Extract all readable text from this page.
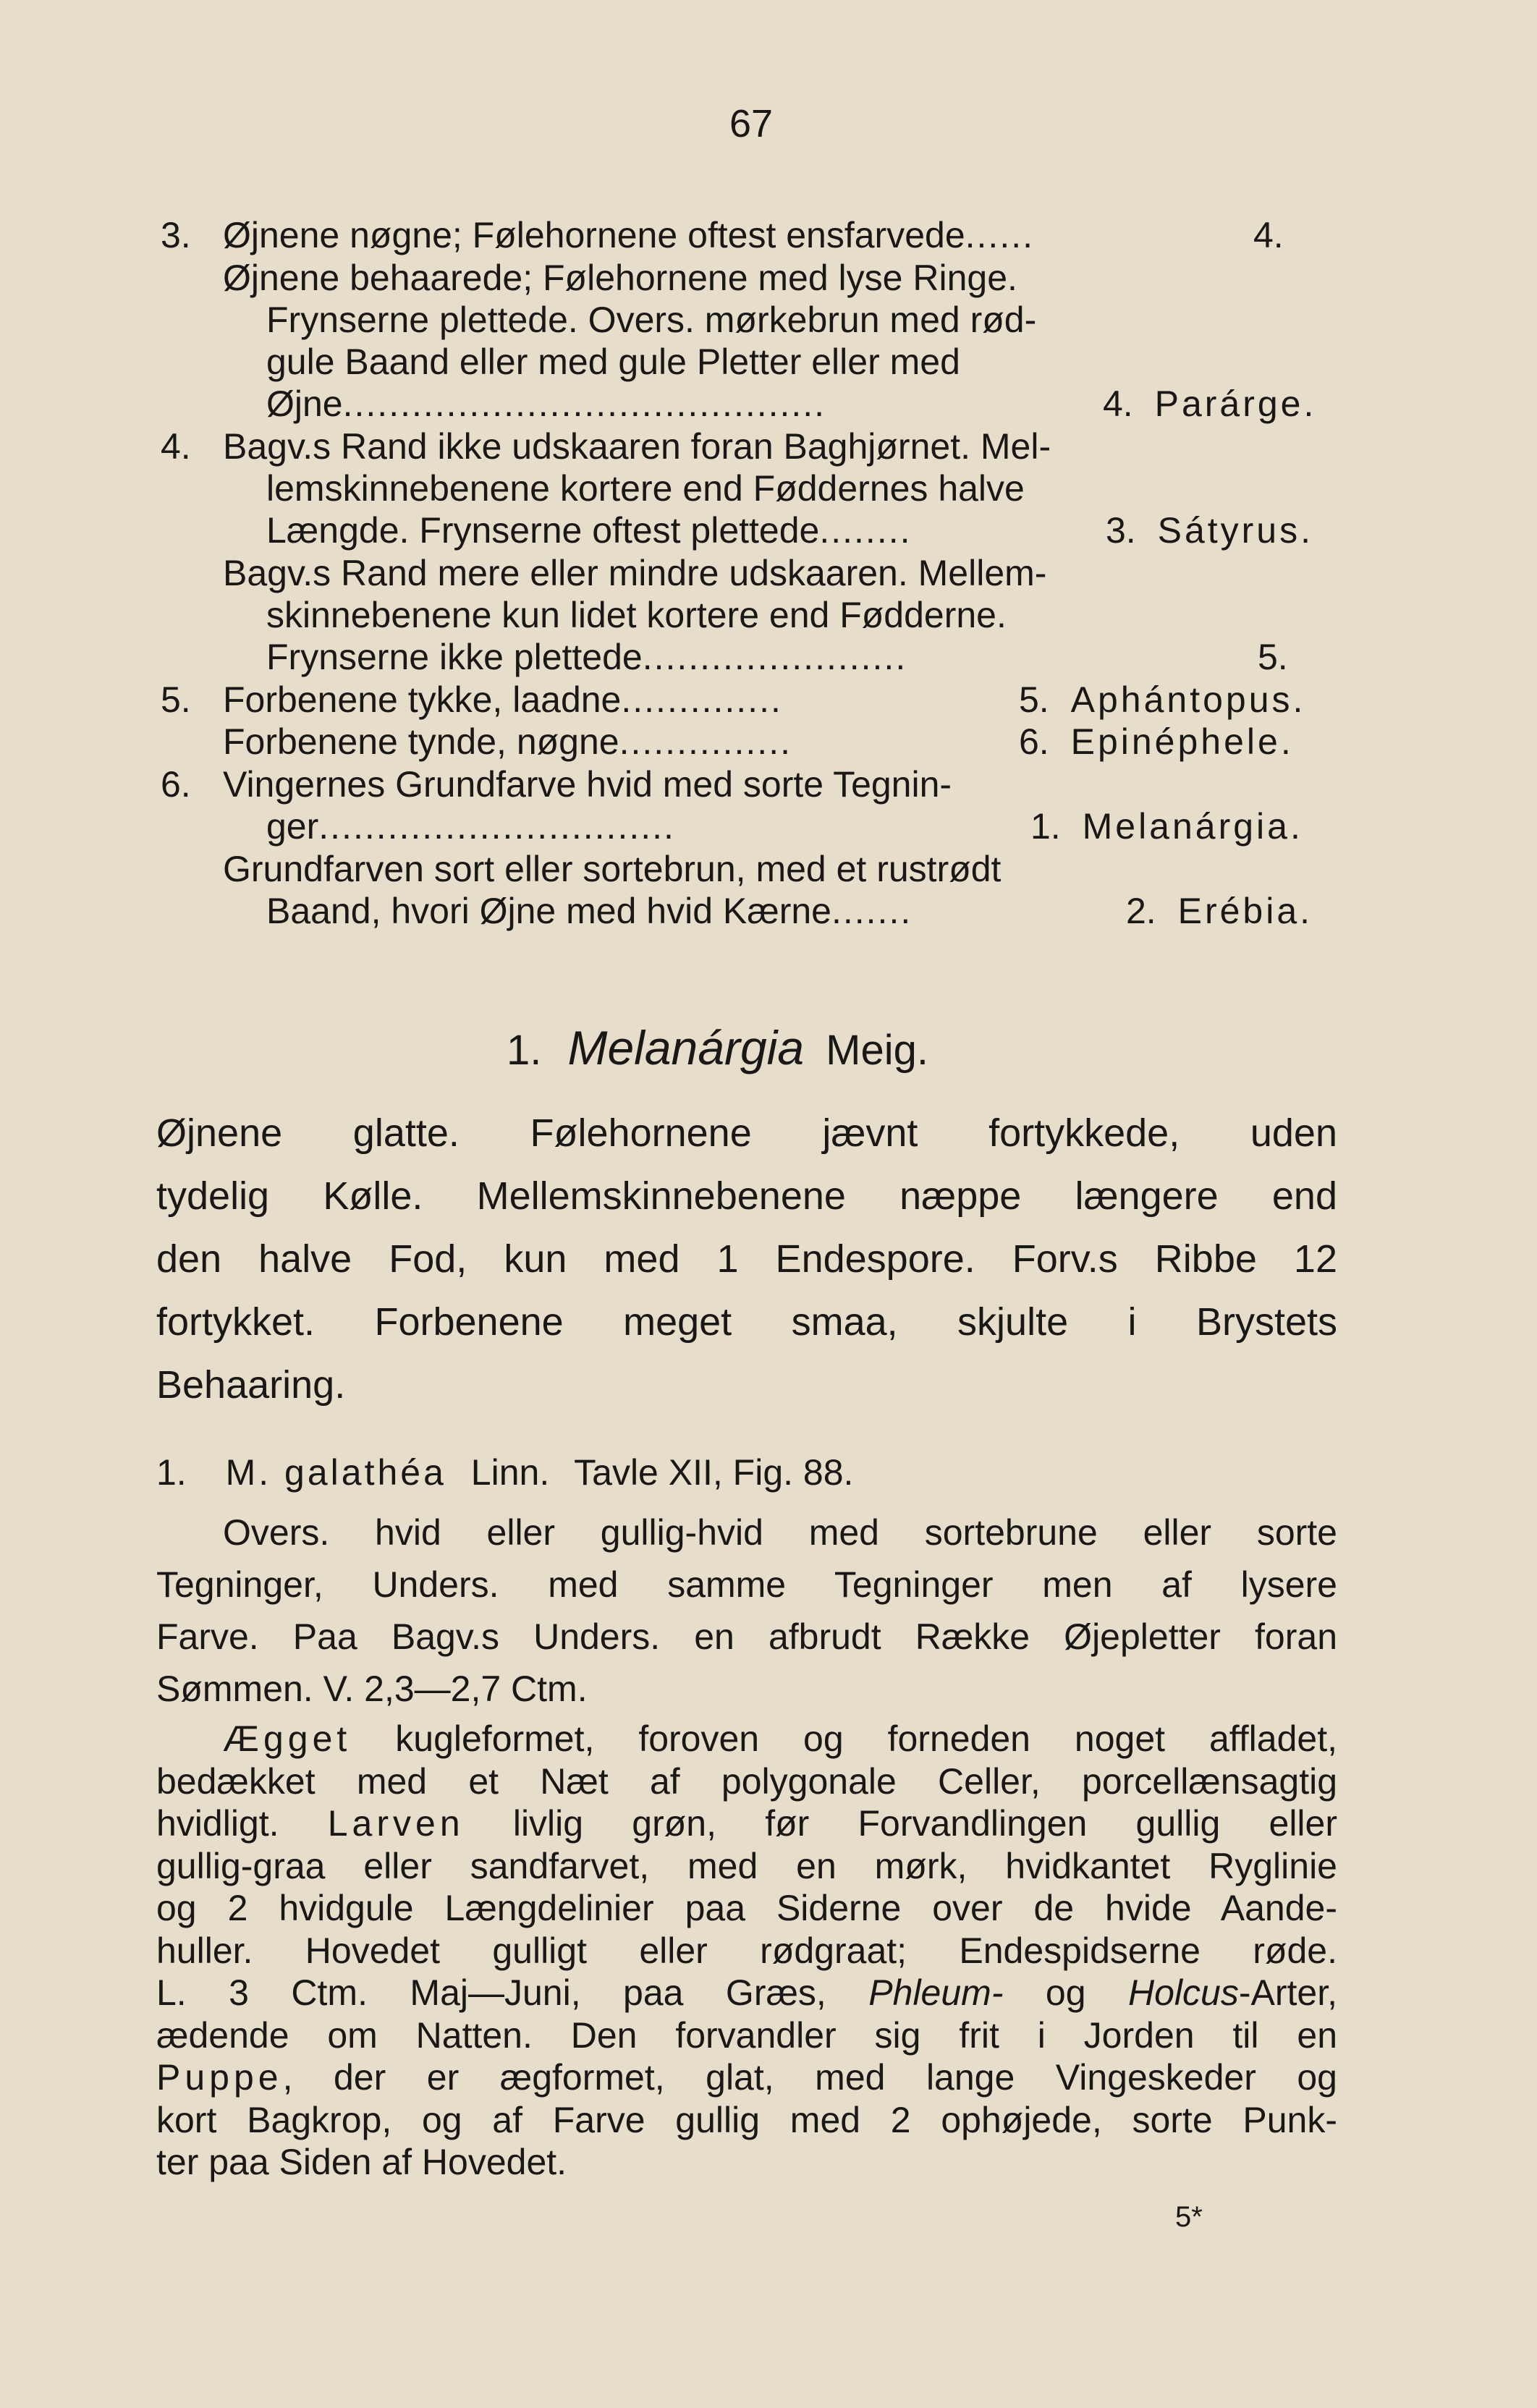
67
3. Øjnene nøgne; Følehornene oftest ensfarvede......	4.
Øjnene behaarede; Følehornene med lyse Ringe.
Frynserne plettede. Overs. mørkebrun med rød-
gule Baand eller med gule Pletter eller med
Øjne..........................................	4. Parárge.
4. Bagv.s Rand ikke udskaaren foran Baghjørnet. Mel-
lemskinnebenene kortere end Føddernes halve
Længde. Frynserne oftest plettede........	3. Sátyrus.
Bagv.s Rand mere eller mindre udskaaren. Mellem-
skinnebenene kun lidet kortere end Fødderne.
Frynserne ikke plettede.......................	5.
5. Forbenene tykke, laadne..............	5. Aphántopus.
Forbenene tynde, nøgne...............	6. Epinéphele.
6. Vingernes Grundfarve hvid med sorte Tegnin-
ger...............................	1. Melanárgia.
Grundfarven sort eller sortebrun, med et rustrødt
Baand, hvori Øjne med hvid Kærne.......	2. Erébia.
1. Melanárgia Meig.
Øjnene glatte. Følehornene jævnt fortykkede, uden
tydelig Kølle. Mellemskinnebenene næppe længere end
den halve Fod, kun med 1 Endespore. Forv.s Ribbe 12
fortykket. Forbenene meget smaa, skjulte i Brystets
Behaaring.
1. M. galathéa Linn. Tavle XII, Fig. 88.
Overs. hvid eller gullig-hvid med sortebrune eller sorte
Tegninger, Unders. med samme Tegninger men af lysere
Farve. Paa Bagv.s Unders. en afbrudt Række Øjepletter foran
Sømmen. V. 2,3—2,7 Ctm.
Ægget kugleformet, foroven og forneden noget affladet,
bedækket med et Næt af polygonale Celler, porcellænsagtig
hvidligt. Larven livlig grøn, før Forvandlingen gullig eller
gullig-graa eller sandfarvet, med en mørk, hvidkantet Ryglinie
og 2 hvidgule Længdelinier paa Siderne over de hvide Aande-
huller. Hovedet gulligt eller rødgraat; Endespidserne røde.
L. 3 Ctm. Maj—Juni, paa Græs, Phleum- og Holcus-Arter,
ædende om Natten. Den forvandler sig frit i Jorden til en
Puppe, der er ægformet, glat, med lange Vingeskeder og
kort Bagkrop, og af Farve gullig med 2 ophøjede, sorte Punk-
ter paa Siden af Hovedet.
5*
